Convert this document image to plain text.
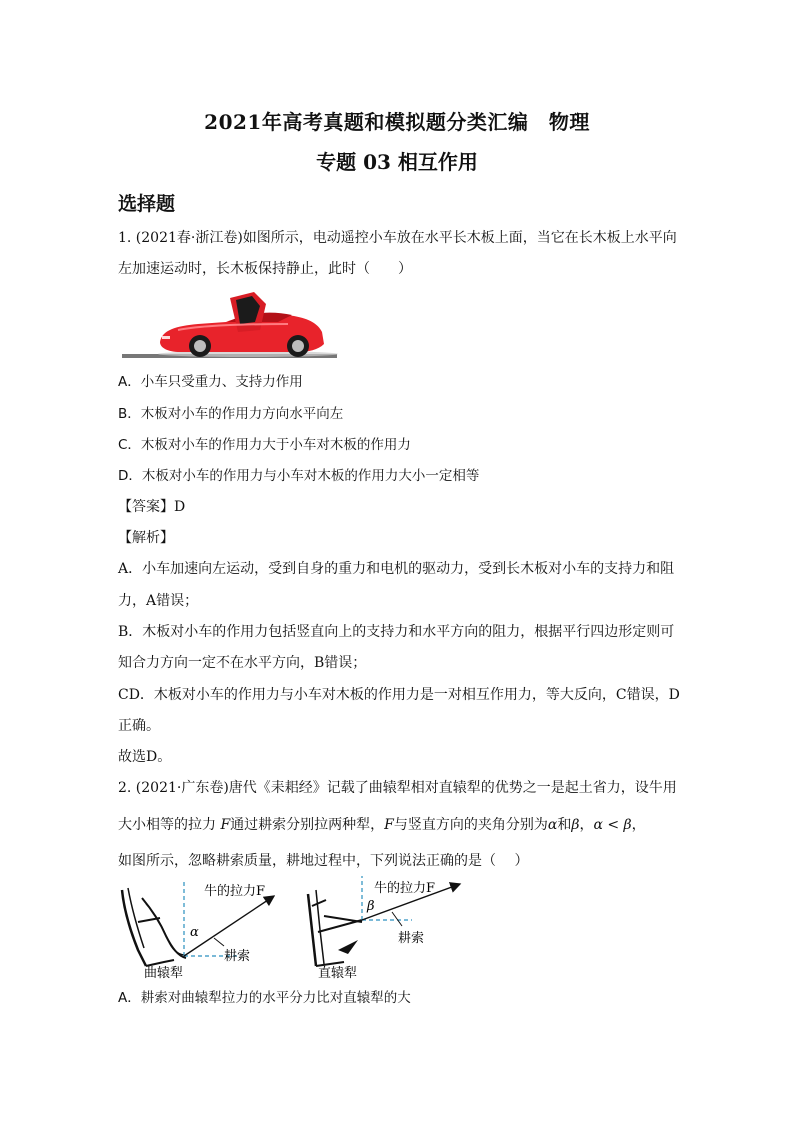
2021年高考真题和模拟题分类汇编　物理
专题 03 相互作用
选择题
1. (2021春·浙江卷)如图所示，电动遥控小车放在水平长木板上面，当它在长木板上水平向
左加速运动时，长木板保持静止，此时（　　）
A．小车只受重力、支持力作用
B．木板对小车的作用力方向水平向左
C．木板对小车的作用力大于小车对木板的作用力
D．木板对小车的作用力与小车对木板的作用力大小一定相等
【答案】D
【解析】
A．小车加速向左运动，受到自身的重力和电机的驱动力，受到长木板对小车的支持力和阻
力，A错误；
B．木板对小车的作用力包括竖直向上的支持力和水平方向的阻力，根据平行四边形定则可
知合力方向一定不在水平方向，B错误；
CD．木板对小车的作用力与小车对木板的作用力是一对相互作用力，等大反向，C错误，D
正确。
故选D。
2. (2021·广东卷)唐代《耒耜经》记载了曲辕犁相对直辕犁的优势之一是起土省力，设牛用
大小相等的拉力 F通过耕索分别拉两种犁，F与竖直方向的夹角分别为α和β，α < β，
如图所示，忽略耕索质量，耕地过程中，下列说法正确的是（　 ）
牛的拉力F
α
耕索
曲辕犁
牛的拉力F
β
耕索
直辕犁
A．耕索对曲辕犁拉力的水平分力比对直辕犁的大
